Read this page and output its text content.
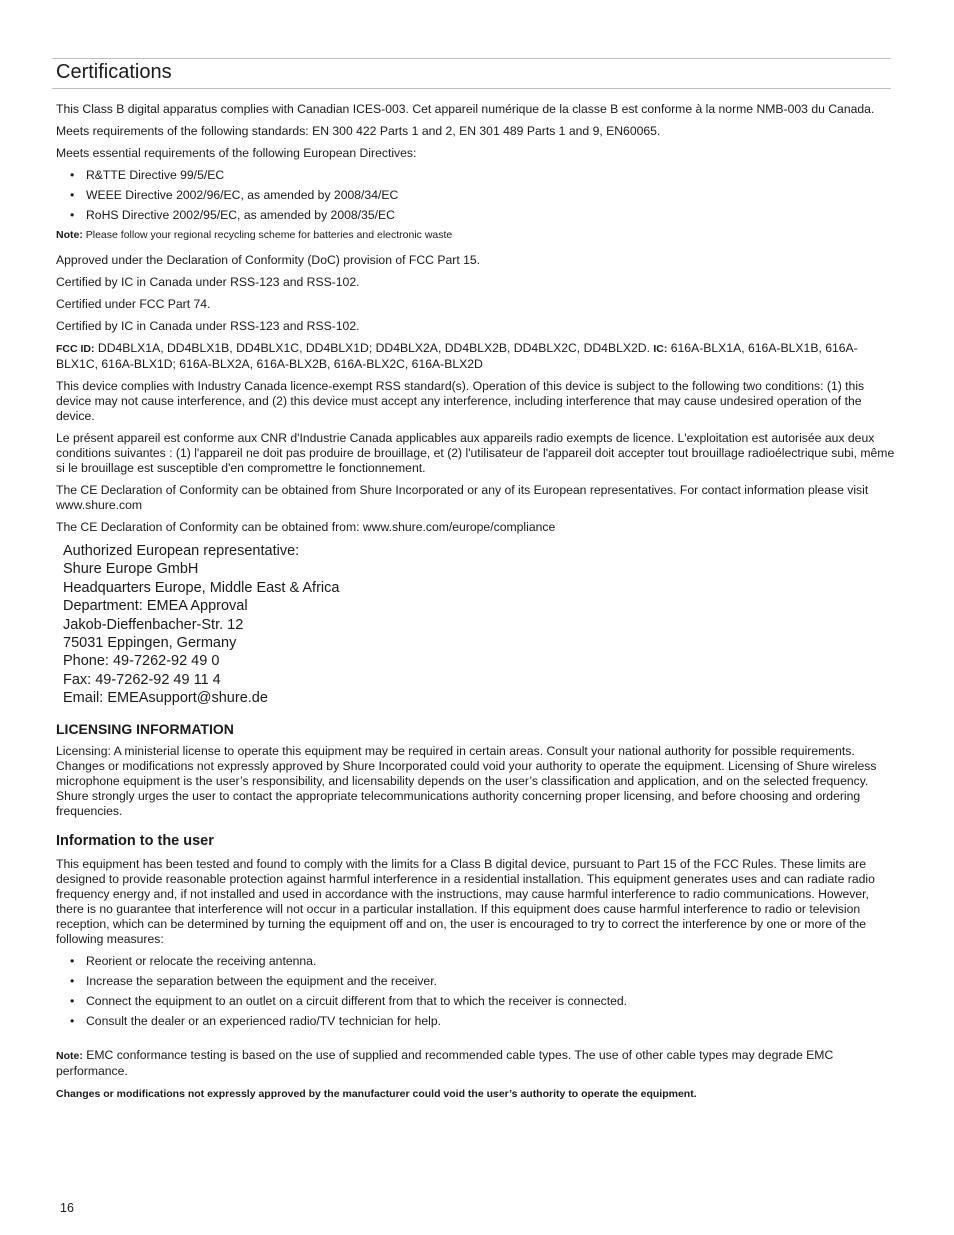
Certifications

This Class B digital apparatus complies with Canadian ICES-003. Cet appareil numérique de la classe B est conforme à la norme NMB-003 du Canada.

Meets requirements of the following standards: EN 300 422 Parts 1 and 2, EN 301 489 Parts 1 and 9, EN60065.

Meets essential requirements of the following European Directives:

• R&TTE Directive 99/5/EC
• WEEE Directive 2002/96/EC, as amended by 2008/34/EC
• RoHS Directive 2002/95/EC, as amended by 2008/35/EC
Note: Please follow your regional recycling scheme for batteries and electronic waste

Approved under the Declaration of Conformity (DoC) provision of FCC Part 15.

Certified by IC in Canada under RSS-123 and RSS-102.

Certified under FCC Part 74.

Certified by IC in Canada under RSS-123 and RSS-102.

FCC ID: DD4BLX1A, DD4BLX1B, DD4BLX1C, DD4BLX1D; DD4BLX2A, DD4BLX2B, DD4BLX2C, DD4BLX2D. IC: 616A-BLX1A, 616A-BLX1B, 616A-BLX1C, 616A-BLX1D; 616A-BLX2A, 616A-BLX2B, 616A-BLX2C, 616A-BLX2D

This device complies with Industry Canada licence-exempt RSS standard(s). Operation of this device is subject to the following two conditions: (1) this device may not cause interference, and (2) this device must accept any interference, including interference that may cause undesired operation of the device.

Le présent appareil est conforme aux CNR d'Industrie Canada applicables aux appareils radio exempts de licence. L'exploitation est autorisée aux deux conditions suivantes : (1) l'appareil ne doit pas produire de brouillage, et (2) l'utilisateur de l'appareil doit accepter tout brouillage radioélectrique subi, même si le brouillage est susceptible d'en compromettre le fonctionnement.

The CE Declaration of Conformity can be obtained from Shure Incorporated or any of its European representatives. For contact information please visit www.shure.com

The CE Declaration of Conformity can be obtained from: www.shure.com/europe/compliance

Authorized European representative:
Shure Europe GmbH
Headquarters Europe, Middle East & Africa
Department: EMEA Approval
Jakob-Dieffenbacher-Str. 12
75031 Eppingen, Germany
Phone: 49-7262-92 49 0
Fax: 49-7262-92 49 11 4
Email: EMEAsupport@shure.de
LICENSING INFORMATION

Licensing: A ministerial license to operate this equipment may be required in certain areas. Consult your national authority for possible requirements. Changes or modifications not expressly approved by Shure Incorporated could void your authority to operate the equipment. Licensing of Shure wireless microphone equipment is the user’s responsibility, and licensability depends on the user’s classification and application, and on the selected frequency. Shure strongly urges the user to contact the appropriate telecommunications authority concerning proper licensing, and before choosing and ordering frequencies.

Information to the user

This equipment has been tested and found to comply with the limits for a Class B digital device, pursuant to Part 15 of the FCC Rules. These limits are designed to provide reasonable protection against harmful interference in a residential installation. This equipment generates uses and can radiate radio frequency energy and, if not installed and used in accordance with the instructions, may cause harmful interference to radio communications. However, there is no guarantee that interference will not occur in a particular installation. If this equipment does cause harmful interference to radio or television reception, which can be determined by turning the equipment off and on, the user is encouraged to try to correct the interference by one or more of the following measures:

• Reorient or relocate the receiving antenna.
• Increase the separation between the equipment and the receiver.
• Connect the equipment to an outlet on a circuit different from that to which the receiver is connected.
• Consult the dealer or an experienced radio/TV technician for help.

Note: EMC conformance testing is based on the use of supplied and recommended cable types. The use of other cable types may degrade EMC performance.

Changes or modifications not expressly approved by the manufacturer could void the user’s authority to operate the equipment.
16
